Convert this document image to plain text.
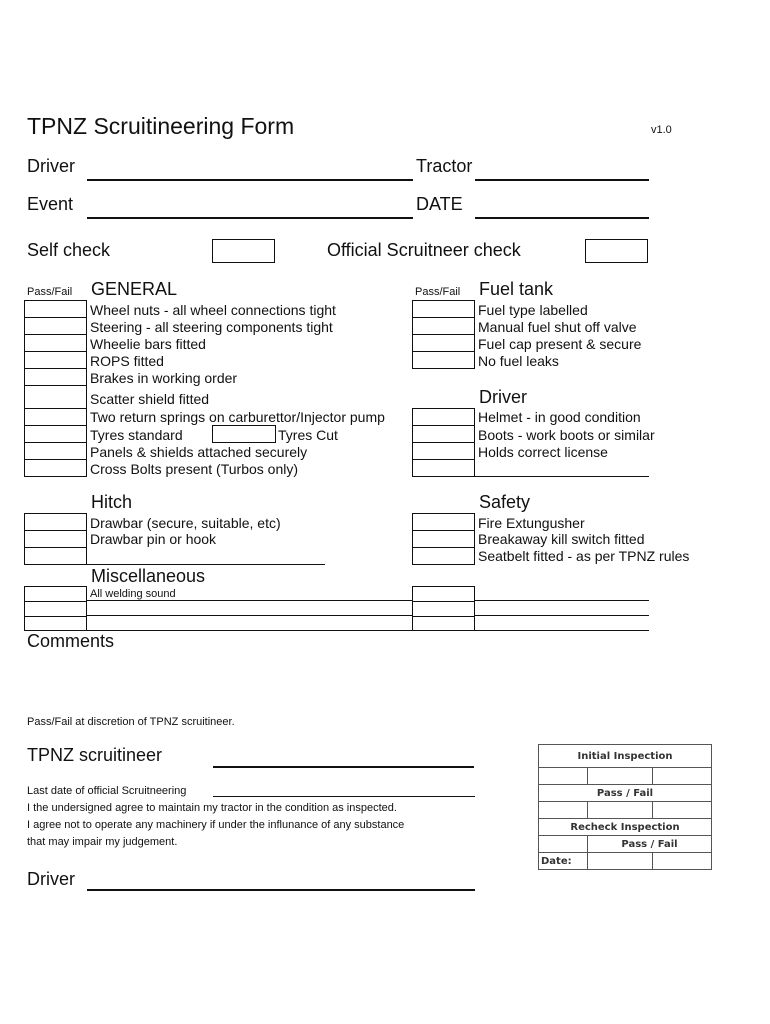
TPNZ Scruitineering Form	v1.0
Driver	Tractor
Event	DATE
Self check	Official Scruitneer check
Pass/Fail GENERAL	Pass/Fail Fuel tank
Wheel nuts - all wheel connections tight
Steering - all steering components tight
Wheelie bars fitted
ROPS fitted
Brakes in working order
Scatter shield fitted
Two return springs on carburettor/Injector pump
Tyres standard	Tyres Cut
Panels & shields attached securely
Cross Bolts present (Turbos only)
Fuel type labelled
Manual fuel shut off valve
Fuel cap present & secure
No fuel leaks
Driver
Helmet - in good condition
Boots - work boots or similar
Holds correct license
Hitch
Drawbar (secure, suitable, etc)
Drawbar pin or hook
Safety
Fire Extungusher
Breakaway kill switch fitted
Seatbelt fitted - as per TPNZ rules
Miscellaneous
All welding sound
Comments
Pass/Fail at discretion of TPNZ scruitineer.
TPNZ scruitineer
Last date of official Scruitneering
I the undersigned agree to maintain my tractor in the condition as inspected.
I agree not to operate any machinery if under the influnance of any substance
that may impair my judgement.
Driver
Initial Inspection		

Pass / Fail		

Recheck Inspection		
	Pass / Fail	
Date:		
